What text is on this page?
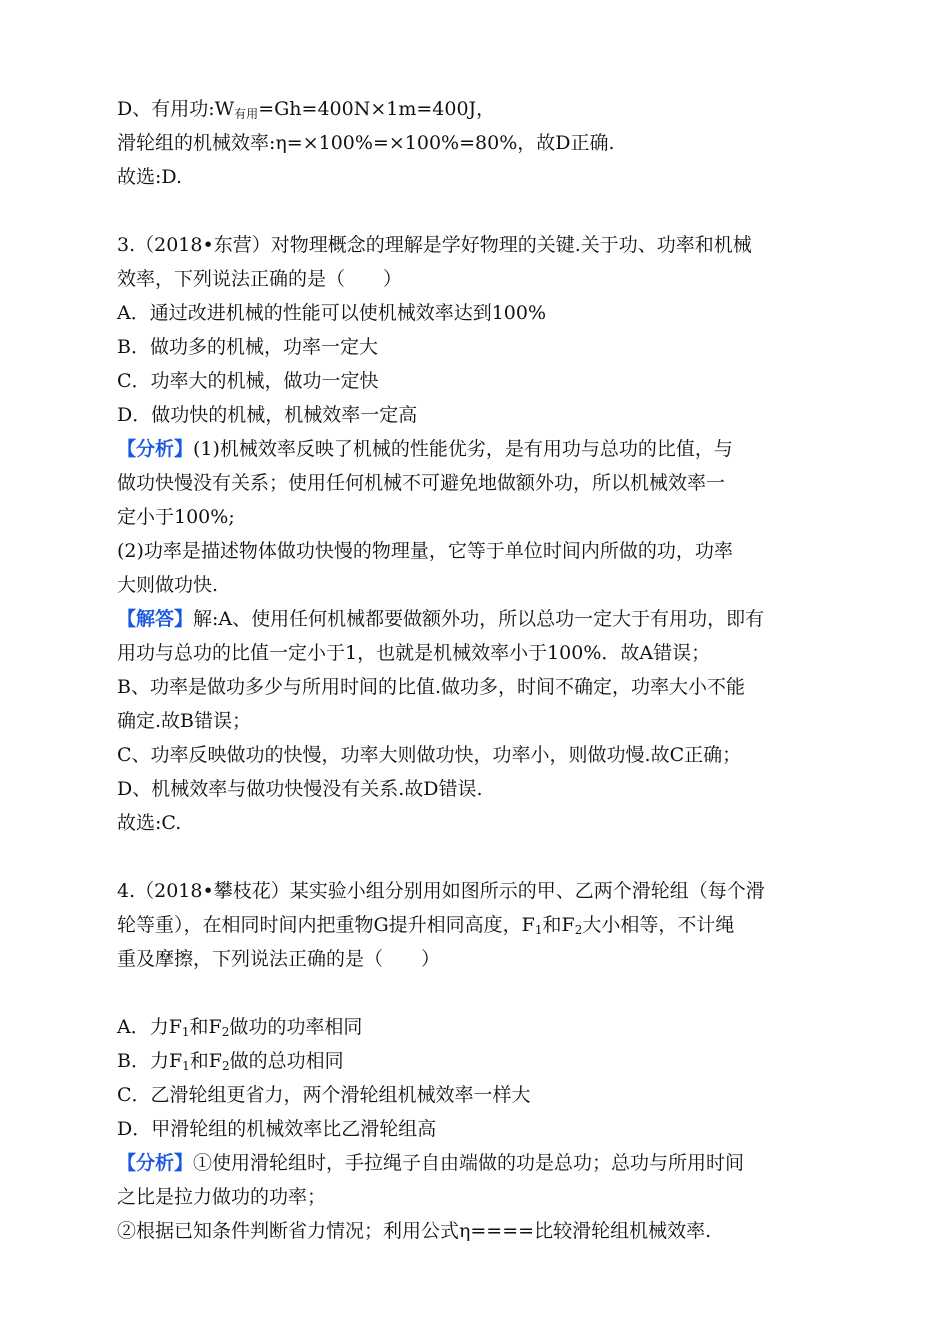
D、有用功$:W_{有用}=Gh=400N\times 1m=400J$，
滑轮组的机械效率:η=×100%=×100%=80%，故D正确.
故选:D.
3.（2018•东营）对物理概念的理解是学好物理的关键.关于功、功率和机械
效率，下列说法正确的是（　　）
A．通过改进机械的性能可以使机械效率达到100%
B．做功多的机械，功率一定大
C．功率大的机械，做功一定快
D．做功快的机械，机械效率一定高
【分析】(1)机械效率反映了机械的性能优劣，是有用功与总功的比值，与
做功快慢没有关系；使用任何机械不可避免地做额外功，所以机械效率一
定小于100%;
(2)功率是描述物体做功快慢的物理量，它等于单位时间内所做的功，功率
大则做功快.
【解答】解:A、使用任何机械都要做额外功，所以总功一定大于有用功，即有
用功与总功的比值一定小于1，也就是机械效率小于100%．故A错误；
B、功率是做功多少与所用时间的比值.做功多，时间不确定，功率大小不能
确定.故B错误；
C、功率反映做功的快慢，功率大则做功快，功率小，则做功慢.故C正确；
D、机械效率与做功快慢没有关系.故D错误.
故选:C.
4.（2018•攀枝花）某实验小组分别用如图所示的甲、乙两个滑轮组（每个滑
轮等重），在相同时间内把重物G提升相同高度，$F_1$和$F_2$大小相等，不计绳
重及摩擦，下列说法正确的是（　　）
A．力$F_1$和$F_2$做功的功率相同
B．力$F_1$和$F_2$做的总功相同
C．乙滑轮组更省力，两个滑轮组机械效率一样大
D．甲滑轮组的机械效率比乙滑轮组高
【分析】①使用滑轮组时，手拉绳子自由端做的功是总功；总功与所用时间
之比是拉力做功的功率；
②根据已知条件判断省力情况；利用公式η====比较滑轮组机械效率.
